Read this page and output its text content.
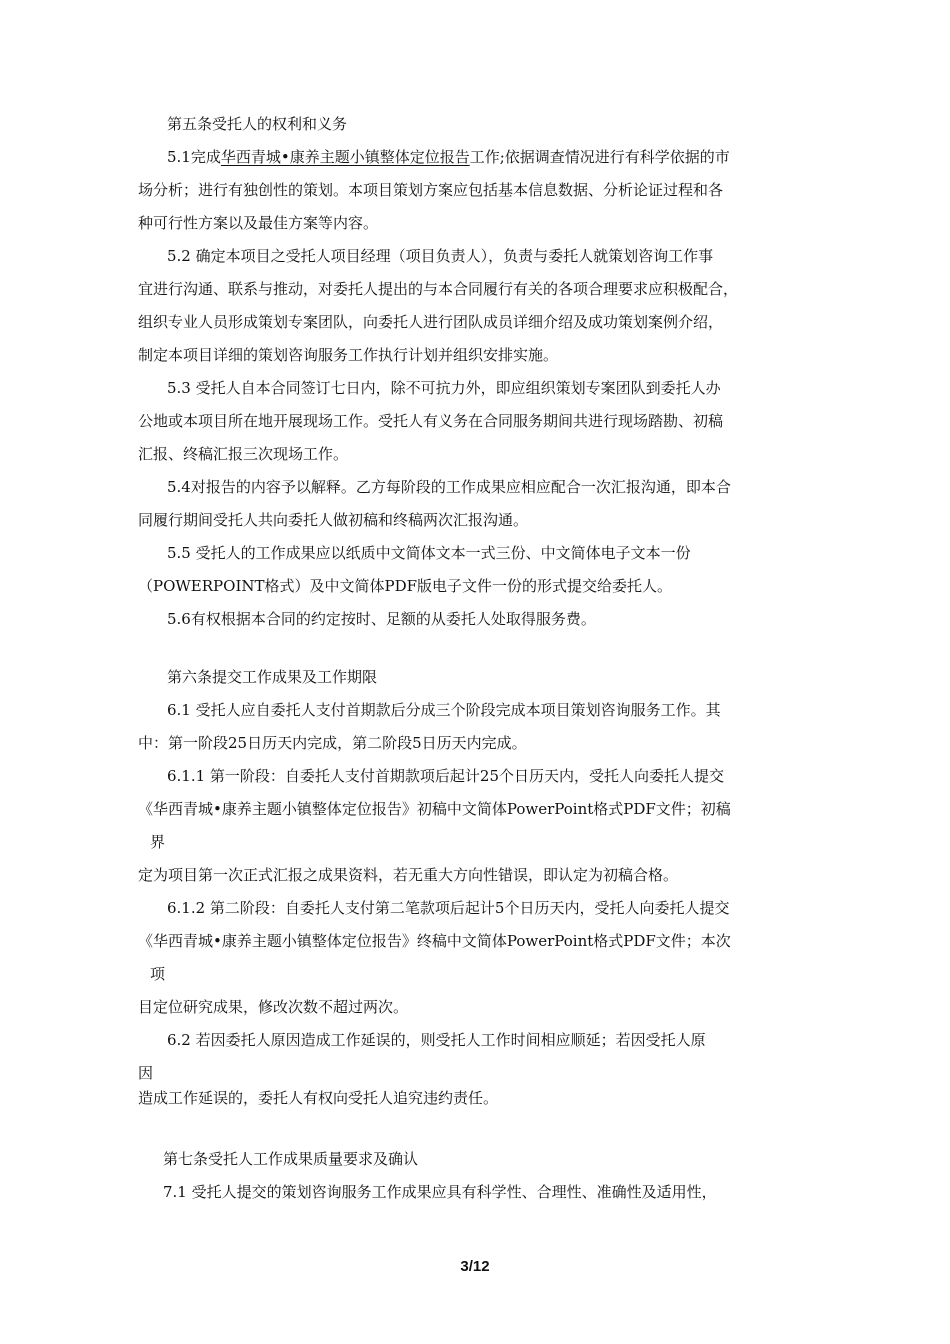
第五条受托人的权利和义务
5.1完成华西青城•康养主题小镇整体定位报告工作;依据调查情况进行有科学依据的市
场分析；进行有独创性的策划。本项目策划方案应包括基本信息数据、分析论证过程和各
种可行性方案以及最佳方案等内容。
5.2 确定本项目之受托人项目经理（项目负责人），负责与委托人就策划咨询工作事
宜进行沟通、联系与推动，对委托人提出的与本合同履行有关的各项合理要求应积极配合，
组织专业人员形成策划专案团队，向委托人进行团队成员详细介绍及成功策划案例介绍，
制定本项目详细的策划咨询服务工作执行计划并组织安排实施。
5.3 受托人自本合同签订七日内，除不可抗力外，即应组织策划专案团队到委托人办
公地或本项目所在地开展现场工作。受托人有义务在合同服务期间共进行现场踏勘、初稿
汇报、终稿汇报三次现场工作。
5.4对报告的内容予以解释。乙方每阶段的工作成果应相应配合一次汇报沟通，即本合
同履行期间受托人共向委托人做初稿和终稿两次汇报沟通。
5.5 受托人的工作成果应以纸质中文简体文本一式三份、中文简体电子文本一份
（POWERPOINT格式）及中文简体PDF版电子文件一份的形式提交给委托人。
5.6有权根据本合同的约定按时、足额的从委托人处取得服务费。
第六条提交工作成果及工作期限
6.1 受托人应自委托人支付首期款后分成三个阶段完成本项目策划咨询服务工作。其
中：第一阶段25日历天内完成，第二阶段5日历天内完成。
6.1.1 第一阶段：自委托人支付首期款项后起计25个日历天内，受托人向委托人提交
《华西青城•康养主题小镇整体定位报告》初稿中文简体PowerPoint格式PDF文件；初稿
界
定为项目第一次正式汇报之成果资料，若无重大方向性错误，即认定为初稿合格。
6.1.2 第二阶段：自委托人支付第二笔款项后起计5个日历天内，受托人向委托人提交
《华西青城•康养主题小镇整体定位报告》终稿中文简体PowerPoint格式PDF文件；本次
项
目定位研究成果，修改次数不超过两次。
6.2 若因委托人原因造成工作延误的，则受托人工作时间相应顺延；若因受托人原
因
造成工作延误的，委托人有权向受托人追究违约责任。
第七条受托人工作成果质量要求及确认
7.1 受托人提交的策划咨询服务工作成果应具有科学性、合理性、准确性及适用性，
3/12
